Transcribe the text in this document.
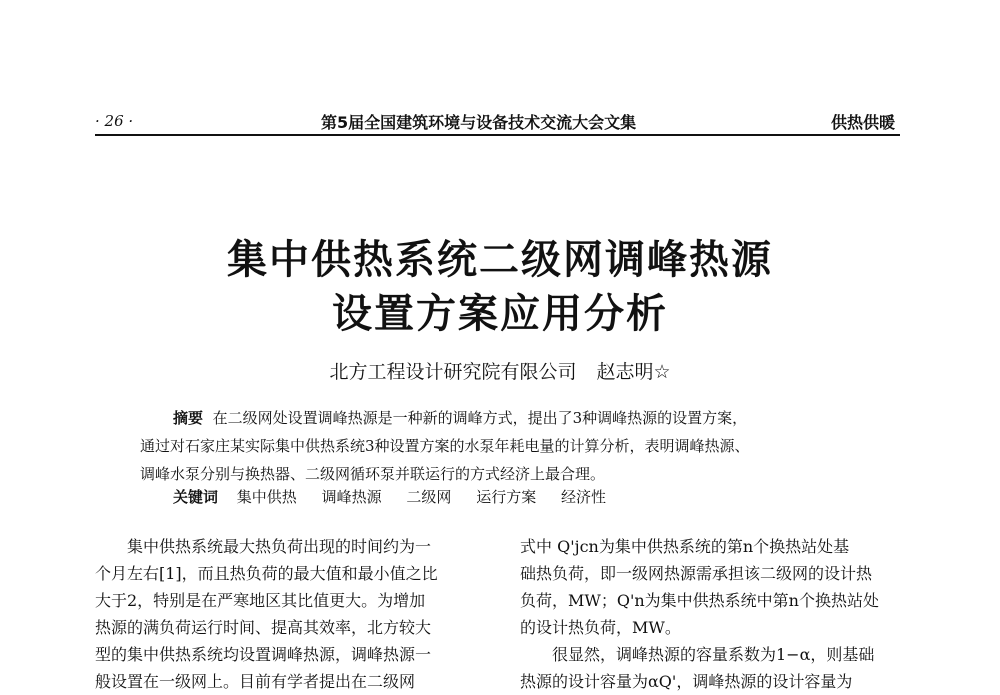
· 26 ·	第5届全国建筑环境与设备技术交流大会文集	供热供暖
集中供热系统二级网调峰热源
设置方案应用分析
北方工程设计研究院有限公司 赵志明☆
摘要 在二级网处设置调峰热源是一种新的调峰方式，提出了3种调峰热源的设置方案，
通过对石家庄某实际集中供热系统3种设置方案的水泵年耗电量的计算分析，表明调峰热源、
调峰水泵分别与换热器、二级网循环泵并联运行的方式经济上最合理。
关键词 集中供热 调峰热源 二级网 运行方案 经济性
集中供热系统最大热负荷出现的时间约为一
个月左右[1]，而且热负荷的最大值和最小值之比
大于2，特别是在严寒地区其比值更大。为增加
热源的满负荷运行时间、提高其效率，北方较大
型的集中供热系统均设置调峰热源，调峰热源一
般设置在一级网上。目前有学者提出在二级网
式中 Q'jcn为集中供热系统的第n个换热站处基
础热负荷，即一级网热源需承担该二级网的设计热
负荷，MW；Q'n为集中供热系统中第n个换热站处
的设计热负荷，MW。
很显然，调峰热源的容量系数为1−α，则基础
热源的设计容量为αQ'，调峰热源的设计容量为
